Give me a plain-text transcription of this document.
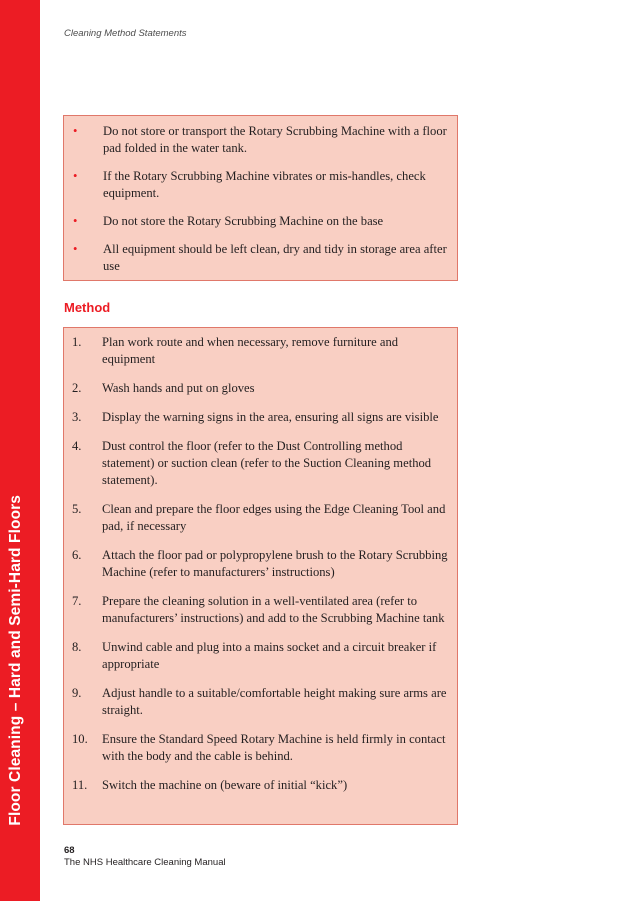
Floor Cleaning – Hard and Semi-Hard Floors
Cleaning Method Statements
•	Do not store or transport the Rotary Scrubbing Machine with a floor pad folded in the water tank.
•	If the Rotary Scrubbing Machine vibrates or mis-handles, check equipment.
•	Do not store the Rotary Scrubbing Machine on the base
•	All equipment should be left clean, dry and tidy in storage area after use
Method
1.	Plan work route and when necessary, remove furniture and equipment
2.	Wash hands and put on gloves
3.	Display the warning signs in the area, ensuring all signs are visible
4.	Dust control the floor (refer to the Dust Controlling method statement) or suction clean (refer to the Suction Cleaning method statement).
5.	Clean and prepare the floor edges using the Edge Cleaning Tool and pad, if necessary
6.	Attach the floor pad or polypropylene brush to the Rotary Scrubbing Machine (refer to manufacturers’ instructions)
7.	Prepare the cleaning solution in a well-ventilated area (refer to manufacturers’ instructions) and add to the Scrubbing Machine tank
8.	Unwind cable and plug into a mains socket and a circuit breaker if appropriate
9.	Adjust handle to a suitable/comfortable height making sure arms are straight.
10.	Ensure the Standard Speed Rotary Machine is held firmly in contact with the body and the cable is behind.
11.	Switch the machine on (beware of initial “kick”)
68
The NHS Healthcare Cleaning Manual
